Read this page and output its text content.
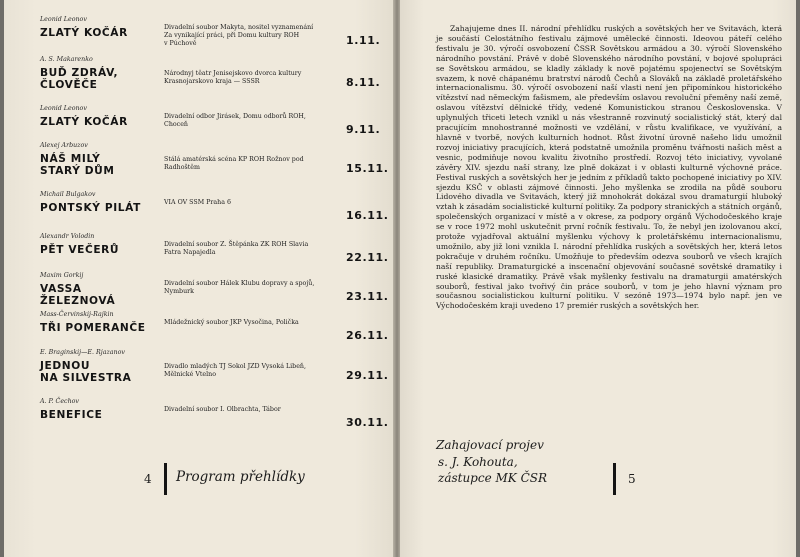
Leonid Leonov
ZLATÝ KOČÁR	Divadelní soubor Makyta, nositel vyznamenání
Za vynikající práci, při Domu kultury ROH
v Púchově	1.11.
A. S. Makarenko
BUĎ ZDRÁV,
ČLOVĚČE
Národnyj těatr Jenisejskovo dvorca kultury
Krasnojarskovo kraja — SSSR	8.11.
Leonid Leonov
ZLATÝ KOČÁR	Divadelní odbor Jirásek, Domu odborů ROH,
Choceň	9.11.
Alexej Arbuzov
NÁŠ MILÝ
STARÝ DŮM
Stálá amatérská scéna KP ROH Rožnov pod
Radhoštěm	15.11.
Michail Bulgakov
PONTSKÝ PILÁT	VIA OV SSM Praha 6
16.11.
Alexandr Volodin
PĚT VEČERŮ	Divadelní soubor Z. Štěpánka ZK ROH Slavia
Fatra Napajedla	22.11.
Maxim Gorkij
VASSA ŽELEZNOVÁ
Divadelní soubor Hálek Klubu dopravy a spojů,
Nymburk	23.11.
Mass-Červinskij-Rajkin
TŘI POMERANČE	Mládežnický soubor JKP Vysočina, Polička
26.11.
E. Braginskij—E. Rjazanov
JEDNOU
NA SILVESTRA
Divadlo mladých TJ Sokol JZD Vysoká Libeň,
Mělnické Vtelno	29.11.
A. P. Čechov
BENEFICE	Divadelní soubor I. Olbrachta, Tábor
30.11.
4 Program přehlídky
Zahajujeme dnes II. národní přehlídku ruských a sovětských her ve Svitavách, která je součástí Celostátního festivalu zájmové umělecké činnosti. Ideovou páteří celého festivalu je 30. výročí osvobození ČSSR Sovětskou armádou a 30. výročí Slovenského národního povstání. Právě v době Slovenského národního povstání, v bojové spolupráci se Sovětskou armádou, se kladly základy k nově pojatému spojenectví se Sovětským svazem, k nově chápanému bratrství národů Čechů a Slováků na základě proletářského internacionalismu. 30. výročí osvobození naší vlasti není jen připomínkou historického vítězství nad německým fašismem, ale především oslavou revoluční přeměny naší země, oslavou vítězství dělnické třídy, vedené Komunistickou stranou Československa. V uplynulých třiceti letech vznikl u nás všestranně rozvinutý socialistický stát, který dal pracujícím mnohostranné možnosti ve vzdělání, v růstu kvalifikace, ve využívání, a hlavně v tvorbě, nových kulturních hodnot. Růst životní úrovně našeho lidu umožnil rozvoj iniciativy pracujících, která podstatně umožnila proměnu tvářnosti našich měst a vesnic, podmiňuje novou kvalitu životního prostředí. Rozvoj této iniciativy, vyvolané závěry XIV. sjezdu naší strany, lze plně dokázat i v oblasti kulturně výchovné práce. Festival ruských a sovětských her je jedním z příkladů takto pochopené iniciativy po XIV. sjezdu KSČ v oblasti zájmové činnosti. Jeho myšlenka se zrodila na půdě souboru Lidového divadla ve Svitavách, který již mnohokrát dokázal svou dramaturgií hluboký vztah k zásadám socialistické kulturní politiky. Za podpory stranických a státních orgánů, společenských organizací v místě a v okrese, za podpory orgánů Východočeského kraje se v roce 1972 mohl uskutečnit první ročník festivalu. To, že nebyl jen izolovanou akcí, protože vyjadřoval aktuální myšlenku výchovy k proletářskému internacionalismu, umožnilo, aby již loni vznikla I. národní přehlídka ruských a sovětských her, která letos pokračuje v druhém ročníku. Umožňuje to především odezva souborů ve všech krajích naší republiky. Dramaturgické a inscenační objevování současné sovětské dramatiky i ruské klasické dramatiky. Právě však myšlenky festivalu na dramaturgii amatérských souborů, festival jako tvořivý čin práce souborů, v tom je jeho hlavní význam pro současnou socialistickou kulturní politiku. V sezóně 1973—1974 bylo např. jen ve Východočeském kraji uvedeno 17 premiér ruských a sovětských her.
Zahajovací projev
s. J. Kohouta,
zástupce MK ČSR	5
